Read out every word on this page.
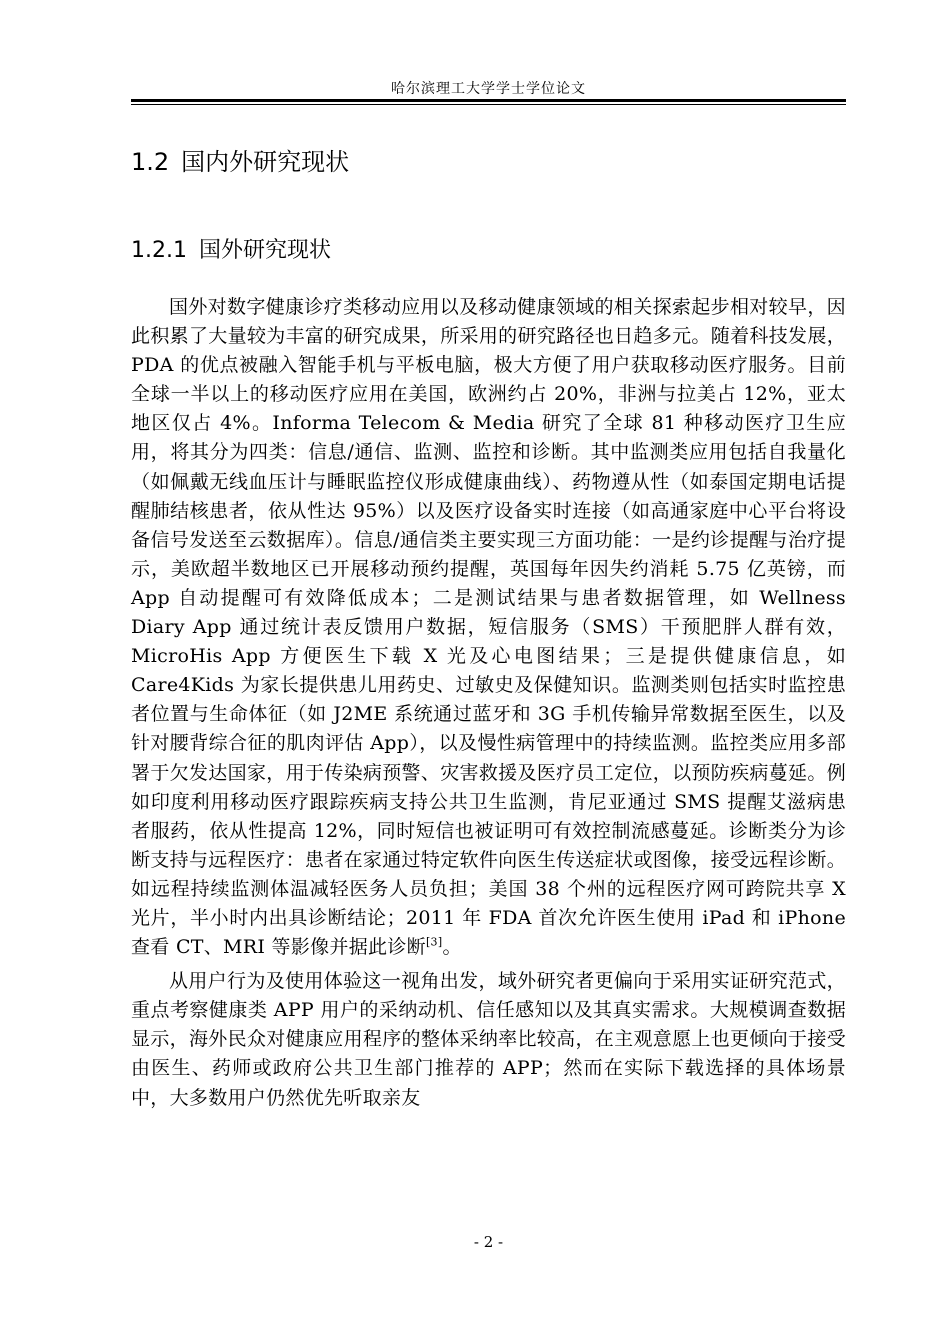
哈尔滨理工大学学士学位论文
1.2 国内外研究现状
1.2.1 国外研究现状

国外对数字健康诊疗类移动应用以及移动健康领域的相关探索起步相对较早，因此积累了大量较为丰富的研究成果，所采用的研究路径也日趋多元。随着科技发展，PDA 的优点被融入智能手机与平板电脑，极大方便了用户获取移动医疗服务。目前全球一半以上的移动医疗应用在美国，欧洲约占 20%，非洲与拉美占 12%，亚太地区仅占 4%。Informa Telecom & Media 研究了全球 81 种移动医疗卫生应用，将其分为四类：信息/通信、监测、监控和诊断。其中监测类应用包括自我量化（如佩戴无线血压计与睡眠监控仪形成健康曲线）、药物遵从性（如泰国定期电话提醒肺结核患者，依从性达 95%）以及医疗设备实时连接（如高通家庭中心平台将设备信号发送至云数据库）。信息/通信类主要实现三方面功能：一是约诊提醒与治疗提示，美欧超半数地区已开展移动预约提醒，英国每年因失约消耗 5.75 亿英镑，而 App 自动提醒可有效降低成本；二是测试结果与患者数据管理，如 Wellness Diary App 通过统计表反馈用户数据，短信服务（SMS）干预肥胖人群有效，MicroHis App 方便医生下载 X 光及心电图结果；三是提供健康信息，如 Care4Kids 为家长提供患儿用药史、过敏史及保健知识。监测类则包括实时监控患者位置与生命体征（如 J2ME 系统通过蓝牙和 3G 手机传输异常数据至医生，以及针对腰背综合征的肌肉评估 App），以及慢性病管理中的持续监测。监控类应用多部署于欠发达国家，用于传染病预警、灾害救援及医疗员工定位，以预防疾病蔓延。例如印度利用移动医疗跟踪疾病支持公共卫生监测，肯尼亚通过 SMS 提醒艾滋病患者服药，依从性提高 12%，同时短信也被证明可有效控制流感蔓延。诊断类分为诊断支持与远程医疗：患者在家通过特定软件向医生传送症状或图像，接受远程诊断。如远程持续监测体温减轻医务人员负担；美国 38 个州的远程医疗网可跨院共享 X 光片，半小时内出具诊断结论；2011 年 FDA 首次允许医生使用 iPad 和 iPhone 查看 CT、MRI 等影像并据此诊断[3]。

从用户行为及使用体验这一视角出发，域外研究者更偏向于采用实证研究范式，重点考察健康类 APP 用户的采纳动机、信任感知以及其真实需求。大规模调查数据显示，海外民众对健康应用程序的整体采纳率比较高，在主观意愿上也更倾向于接受由医生、药师或政府公共卫生部门推荐的 APP；然而在实际下载选择的具体场景中，大多数用户仍然优先听取亲友

- 2 -
